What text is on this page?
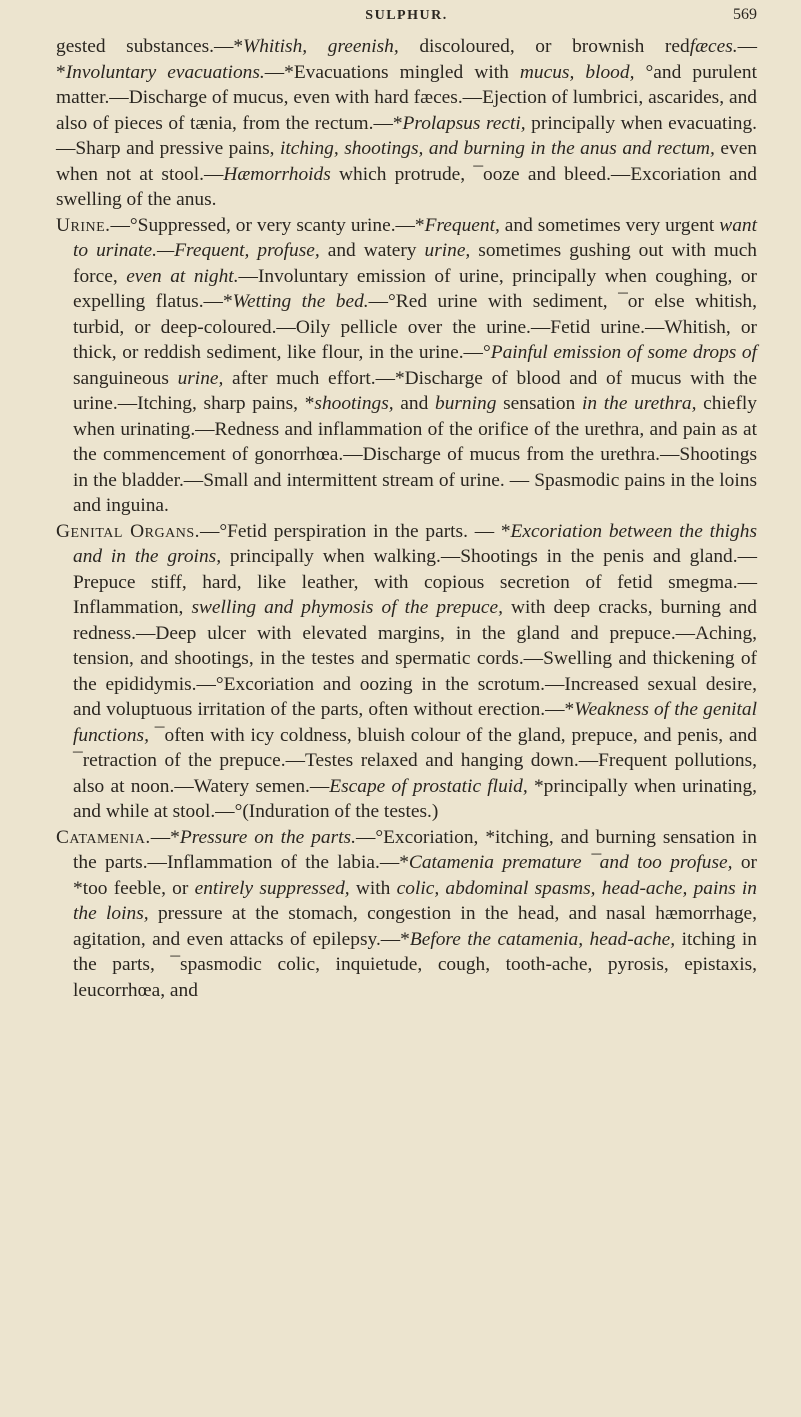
SULPHUR.	569

gested substances.—*Whitish, greenish, discoloured, or brownish redfæces.—*Involuntary evacuations.—*Evacuations mingled with mucus, blood, °and purulent matter.—Discharge of mucus, even with hard fæces.—Ejection of lumbrici, ascarides, and also of pieces of tænia, from the rectum.—*Prolapsus recti, principally when evacuating.—Sharp and pressive pains, itching, shootings, and burning in the anus and rectum, even when not at stool.—Hæmorrhoids which protrude, ¯ooze and bleed.—Excoriation and swelling of the anus.

Urine.—°Suppressed, or very scanty urine.—*Frequent, and sometimes very urgent want to urinate.—Frequent, profuse, and watery urine, sometimes gushing out with much force, even at night.—Involuntary emission of urine, principally when coughing, or expelling flatus.—*Wetting the bed.—°Red urine with sediment, ¯or else whitish, turbid, or deep-coloured.—Oily pellicle over the urine.—Fetid urine.—Whitish, or thick, or reddish sediment, like flour, in the urine.—°Painful emission of some drops of sanguineous urine, after much effort.—*Discharge of blood and of mucus with the urine.—Itching, sharp pains, *shootings, and burning sensation in the urethra, chiefly when urinating.—Redness and inflammation of the orifice of the urethra, and pain as at the commencement of gonorrhœa.—Discharge of mucus from the urethra.—Shootings in the bladder.—Small and intermittent stream of urine. — Spasmodic pains in the loins and inguina.

Genital Organs.—°Fetid perspiration in the parts. — *Excoriation between the thighs and in the groins, principally when walking.—Shootings in the penis and gland.—Prepuce stiff, hard, like leather, with copious secretion of fetid smegma.—Inflammation, swelling and phymosis of the prepuce, with deep cracks, burning and redness.—Deep ulcer with elevated margins, in the gland and prepuce.—Aching, tension, and shootings, in the testes and spermatic cords.—Swelling and thickening of the epididymis.—°Excoriation and oozing in the scrotum.—Increased sexual desire, and voluptuous irritation of the parts, often without erection.—*Weakness of the genital functions, ¯often with icy coldness, bluish colour of the gland, prepuce, and penis, and ¯retraction of the prepuce.—Testes relaxed and hanging down.—Frequent pollutions, also at noon.—Watery semen.—Escape of prostatic fluid, *principally when urinating, and while at stool.—°(Induration of the testes.)

Catamenia.—*Pressure on the parts.—°Excoriation, *itching, and burning sensation in the parts.—Inflammation of the labia.—*Catamenia premature ¯and too profuse, or *too feeble, or entirely suppressed, with colic, abdominal spasms, head-ache, pains in the loins, pressure at the stomach, congestion in the head, and nasal hæmorrhage, agitation, and even attacks of epilepsy.—*Before the catamenia, head-ache, itching in the parts, ¯spasmodic colic, inquietude, cough, tooth-ache, pyrosis, epistaxis, leucorrhœa, and
